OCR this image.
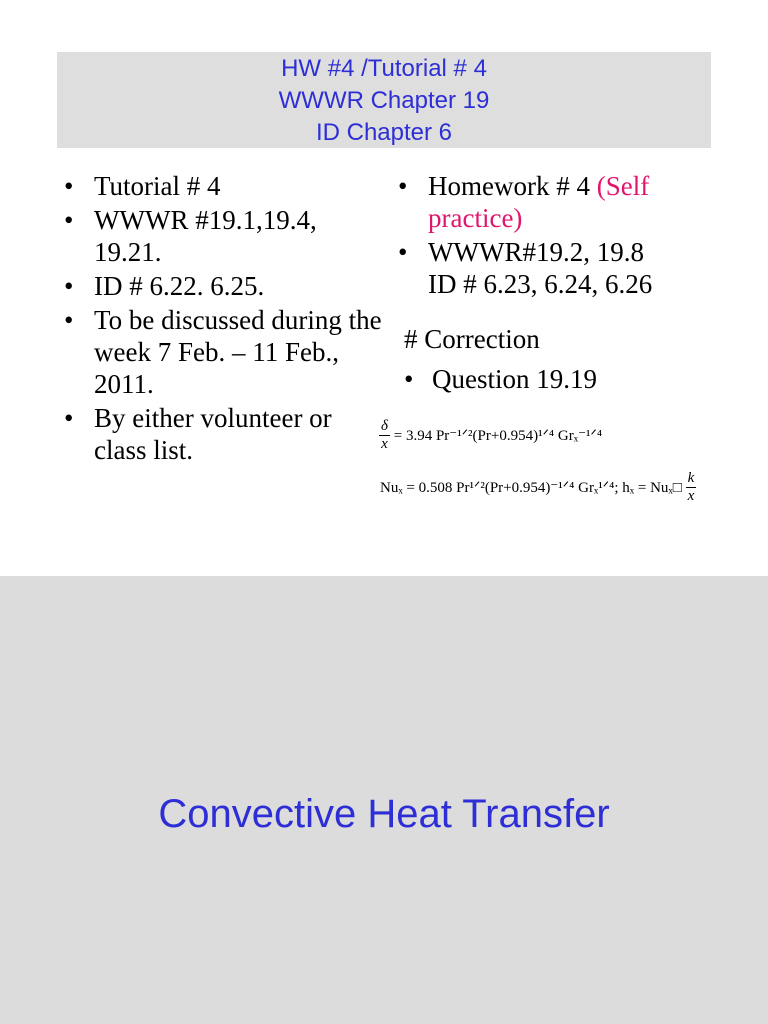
HW #4 /Tutorial # 4
WWWR Chapter 19
ID Chapter 6
• Tutorial # 4
• WWWR #19.1,19.4, 19.21.
• ID # 6.22. 6.25.
• To be discussed during the week 7 Feb. – 11 Feb., 2011.
• By either volunteer or class list.
• Homework # 4 (Self practice)
• WWWR#19.2, 19.8
ID # 6.23, 6.24, 6.26
# Correction
• Question 19.19
$\frac{\delta}{x} = 3.94$ Pr⁻¹ᐟ²(Pr+0.954)¹ᐟ⁴ Grₓ⁻¹ᐟ⁴
Nuₓ = 0.508 Pr¹ᐟ²(Pr+0.954)⁻¹ᐟ⁴ Grₓ¹ᐟ⁴; hₓ = Nuₓ□ $\frac{k}{x}$
Convective Heat Transfer
